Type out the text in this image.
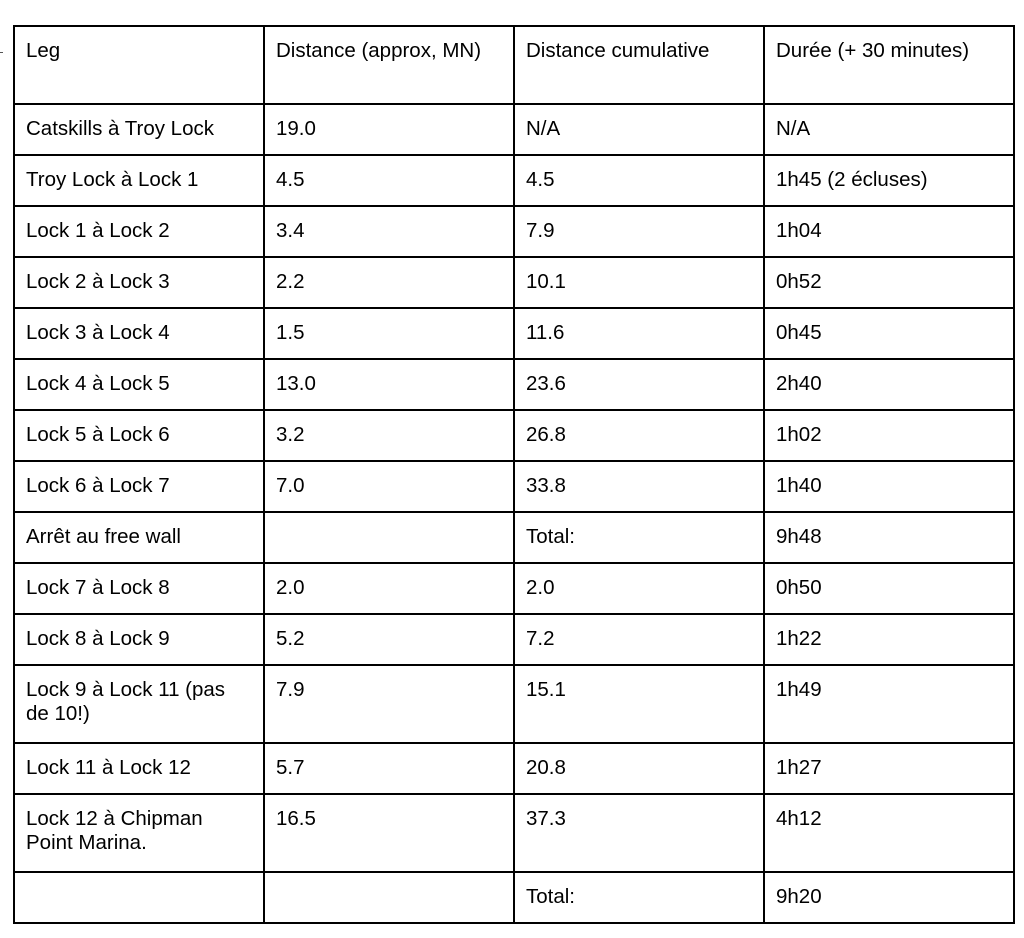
Leg	Distance (approx, MN)	Distance cumulative	Durée (+ 30 minutes)
Catskills à Troy Lock	19.0	N/A	N/A
Troy Lock à Lock 1	4.5	4.5	1h45 (2 écluses)
Lock 1 à Lock 2	3.4	7.9	1h04
Lock 2 à Lock 3	2.2	10.1	0h52
Lock 3 à Lock 4	1.5	11.6	0h45
Lock 4 à Lock 5	13.0	23.6	2h40
Lock 5 à Lock 6	3.2	26.8	1h02
Lock 6 à Lock 7	7.0	33.8	1h40
Arrêt au free wall		Total:	9h48
Lock 7 à Lock 8	2.0	2.0	0h50
Lock 8 à Lock 9	5.2	7.2	1h22
Lock 9 à Lock 11 (pas de 10!)	7.9	15.1	1h49
Lock 11 à Lock 12	5.7	20.8	1h27
Lock 12 à Chipman Point Marina.	16.5	37.3	4h12
		Total:	9h20
